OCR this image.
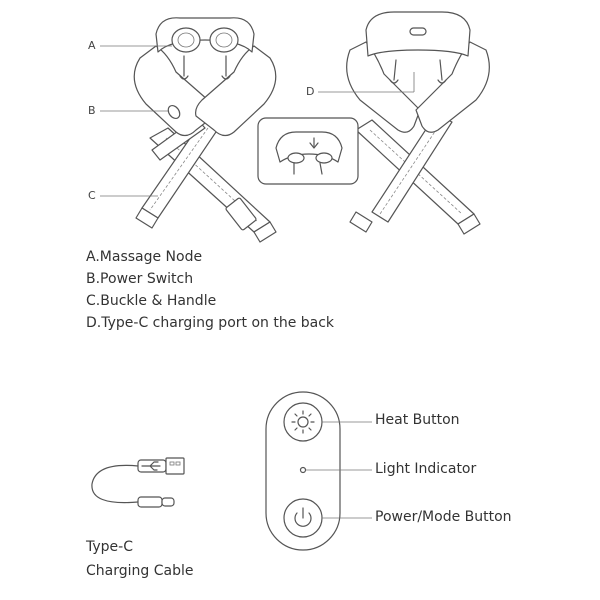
A
B
C
D
A.Massage Node
B.Power Switch
C.Buckle & Handle
D.Type-C charging port on the back
Type-C
Charging Cable
Heat Button
Light Indicator
Power/Mode Button
